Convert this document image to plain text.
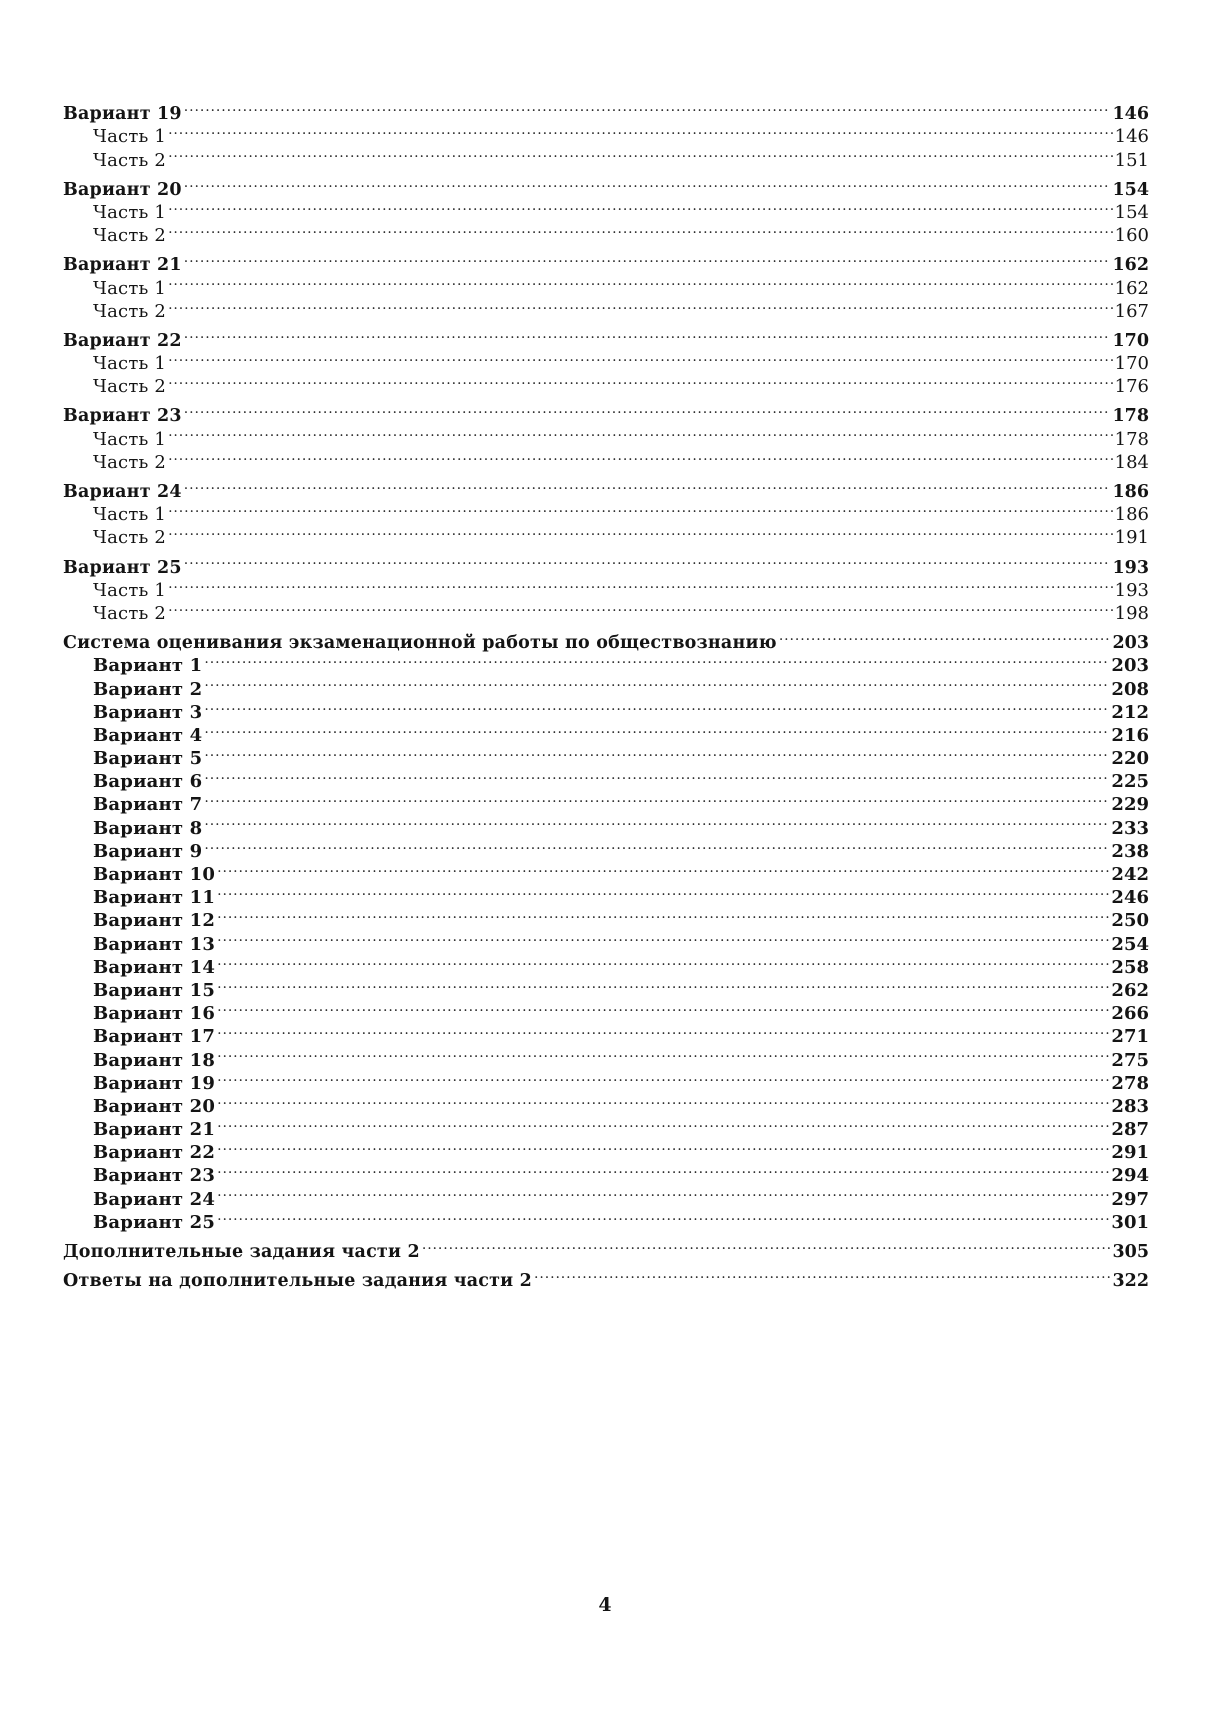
Вариант 19 .....	146
Часть 1 .....	146
Часть 2 .....	151
Вариант 20 .....	154
Часть 1 .....	154
Часть 2 .....	160
Вариант 21 .....	162
Часть 1 .....	162
Часть 2 .....	167
Вариант 22 .....	170
Часть 1 .....	170
Часть 2 .....	176
Вариант 23 .....	178
Часть 1 .....	178
Часть 2 .....	184
Вариант 24 .....	186
Часть 1 .....	186
Часть 2 .....	191
Вариант 25 .....	193
Часть 1 .....	193
Часть 2 .....	198
Система оценивания экзаменационной работы по обществознанию .....	203
Вариант 1 .....	203
Вариант 2 .....	208
Вариант 3 .....	212
Вариант 4 .....	216
Вариант 5 .....	220
Вариант 6 .....	225
Вариант 7 .....	229
Вариант 8 .....	233
Вариант 9 .....	238
Вариант 10 .....	242
Вариант 11 .....	246
Вариант 12 .....	250
Вариант 13 .....	254
Вариант 14 .....	258
Вариант 15 .....	262
Вариант 16 .....	266
Вариант 17 .....	271
Вариант 18 .....	275
Вариант 19 .....	278
Вариант 20 .....	283
Вариант 21 .....	287
Вариант 22 .....	291
Вариант 23 .....	294
Вариант 24 .....	297
Вариант 25 .....	301
Дополнительные задания части 2 .....	305
Ответы на дополнительные задания части 2 .....	322
4
